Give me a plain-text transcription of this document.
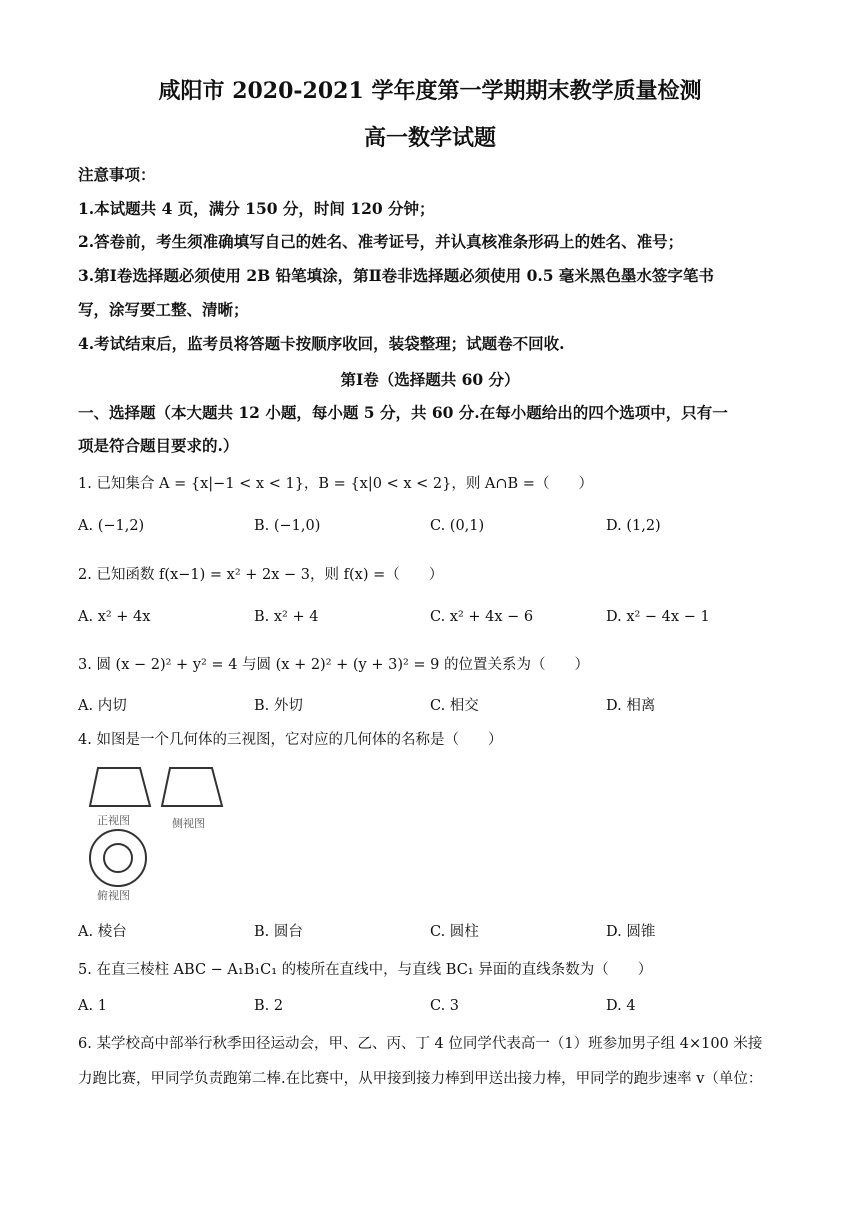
咸阳市 2020-2021 学年度第一学期期末教学质量检测
高一数学试题
注意事项：
1.本试题共 4 页，满分 150 分，时间 120 分钟；
2.答卷前，考生须准确填写自己的姓名、准考证号，并认真核准条形码上的姓名、准号；
3.第Ⅰ卷选择题必须使用 2B 铅笔填涂，第Ⅱ卷非选择题必须使用 0.5 毫米黑色墨水签字笔书
写，涂写要工整、清晰；
4.考试结束后，监考员将答题卡按顺序收回，装袋整理；试题卷不回收.
第Ⅰ卷（选择题共 60 分）
一、选择题（本大题共 12 小题，每小题 5 分，共 60 分.在每小题给出的四个选项中，只有一
项是符合题目要求的.）
1. 已知集合 A = {x|−1 < x < 1}，B = {x|0 < x < 2}，则 A∩B =（　　）
A. (−1,2)	B. (−1,0)	C. (0,1)	D. (1,2)
2. 已知函数 f(x−1) = x² + 2x − 3，则 f(x) =（　　）
A. x² + 4x	B. x² + 4	C. x² + 4x − 6	D. x² − 4x − 1
3. 圆 (x − 2)² + y² = 4 与圆 (x + 2)² + (y + 3)² = 9 的位置关系为（　　）
A. 内切	B. 外切	C. 相交	D. 相离
4. 如图是一个几何体的三视图，它对应的几何体的名称是（　　）
正视图	侧视图
俯视图
A. 棱台	B. 圆台	C. 圆柱	D. 圆锥
5. 在直三棱柱 ABC − A₁B₁C₁ 的棱所在直线中，与直线 BC₁ 异面的直线条数为（　　）
A. 1	B. 2	C. 3	D. 4
6. 某学校高中部举行秋季田径运动会，甲、乙、丙、丁 4 位同学代表高一（1）班参加男子组 4×100 米接
力跑比赛，甲同学负责跑第二棒.在比赛中，从甲接到接力棒到甲送出接力棒，甲同学的跑步速率 v（单位：
